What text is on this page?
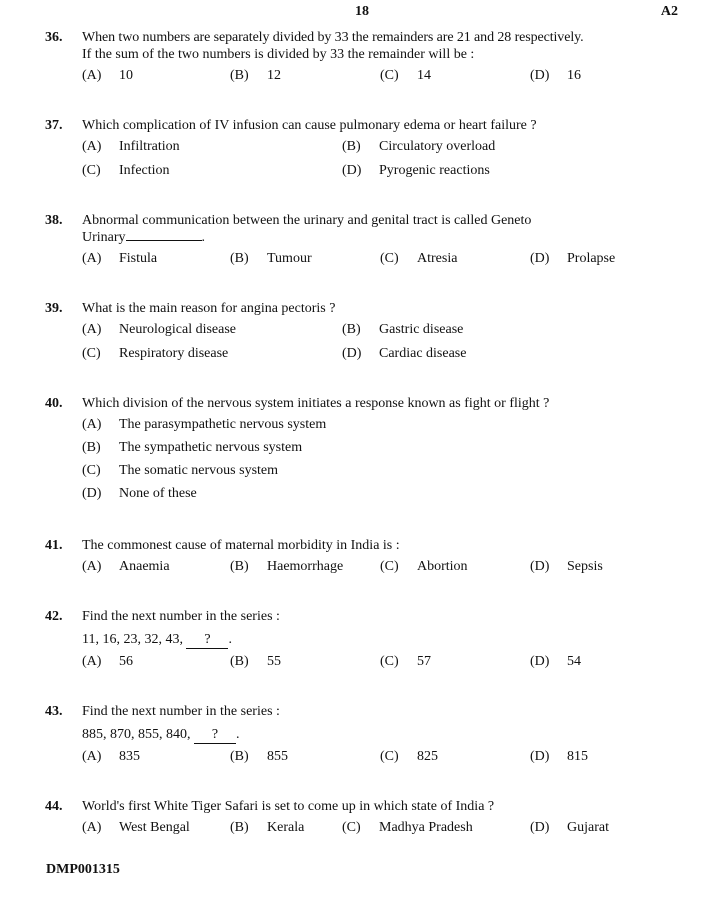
18	A2
36.	When two numbers are separately divided by 33 the remainders are 21 and 28 respectively.
If the sum of the two numbers is divided by 33 the remainder will be :
(A) 10	(B) 12	(C) 14	(D) 16
37.	Which complication of IV infusion can cause pulmonary edema or heart failure ?
(A) Infiltration	(B) Circulatory overload
(C) Infection	(D) Pyrogenic reactions
38.	Abnormal communication between the urinary and genital tract is called Geneto
Urinary	.
(A) Fistula	(B) Tumour	(C) Atresia	(D) Prolapse
39.	What is the main reason for angina pectoris ?
(A) Neurological disease	(B) Gastric disease
(C) Respiratory disease	(D) Cardiac disease
40.	Which division of the nervous system initiates a response known as fight or flight ?
(A) The parasympathetic nervous system
(B) The sympathetic nervous system
(C) The somatic nervous system
(D) None of these
41.	The commonest cause of maternal morbidity in India is :
(A) Anaemia	(B) Haemorrhage	(C) Abortion	(D) Sepsis
42.	Find the next number in the series :
11, 16, 23, 32, 43, ? .
(A) 56	(B) 55	(C) 57	(D) 54
43.	Find the next number in the series :
885, 870, 855, 840, ? .
(A) 835	(B) 855	(C) 825	(D) 815
44.	World's first White Tiger Safari is set to come up in which state of India ?
(A) West Bengal	(B) Kerala	(C) Madhya Pradesh	(D) Gujarat
DMP001315
